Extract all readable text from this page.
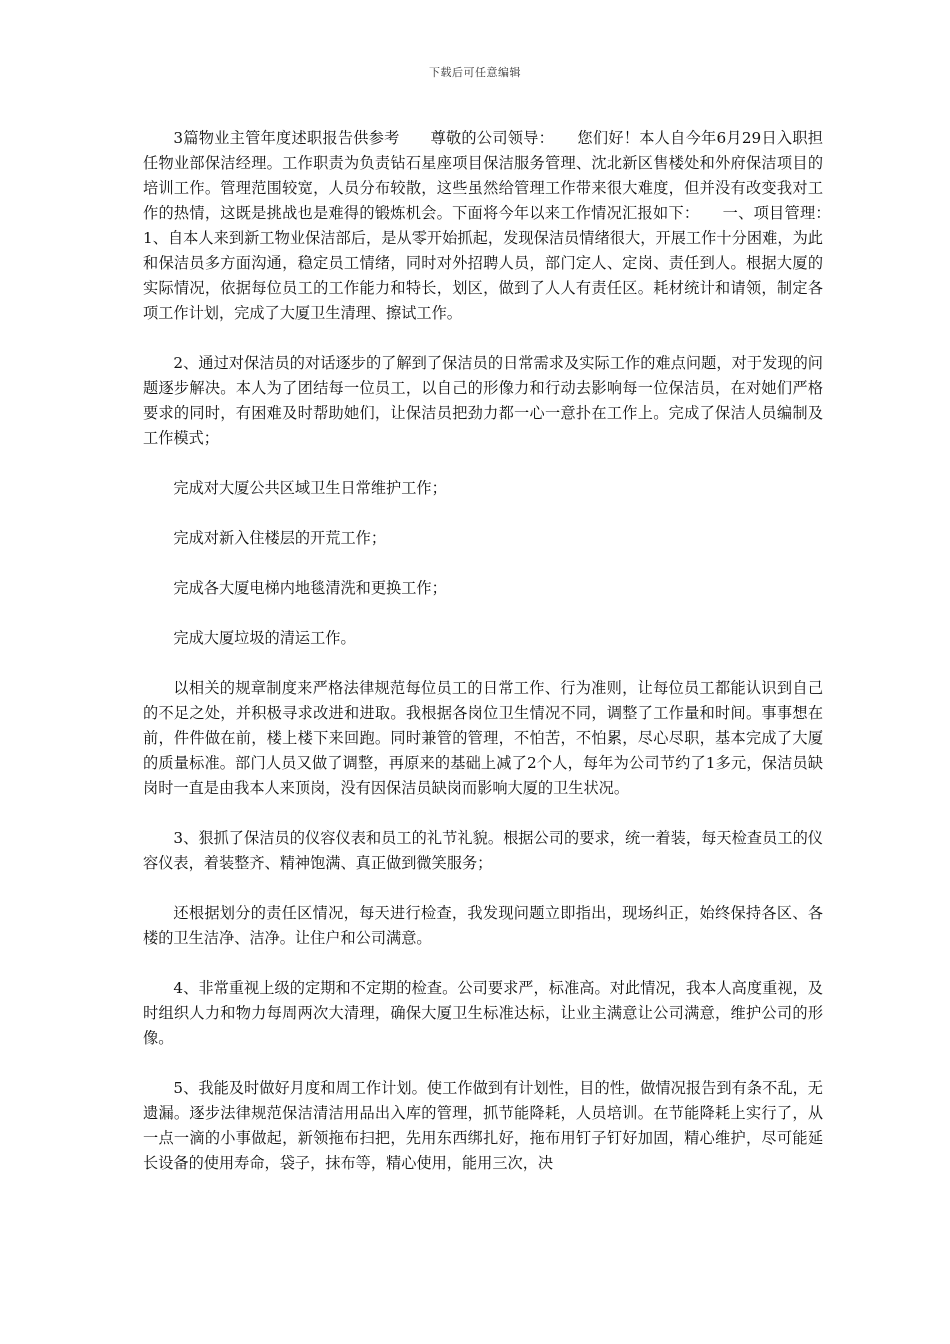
下载后可任意编辑

3篇物业主管年度述职报告供参考　　尊敬的公司领导：　　您们好！本人自今年6月29日入职担任物业部保洁经理。工作职责为负责钻石星座项目保洁服务管理、沈北新区售楼处和外府保洁项目的培训工作。管理范围较宽，人员分布较散，这些虽然给管理工作带来很大难度，但并没有改变我对工作的热情，这既是挑战也是难得的锻炼机会。下面将今年以来工作情况汇报如下：　　一、项目管理：　　1、自本人来到新工物业保洁部后，是从零开始抓起，发现保洁员情绪很大，开展工作十分困难，为此和保洁员多方面沟通，稳定员工情绪，同时对外招聘人员，部门定人、定岗、责任到人。根据大厦的实际情况，依据每位员工的工作能力和特长，划区，做到了人人有责任区。耗材统计和请领，制定各项工作计划，完成了大厦卫生清理、擦试工作。

2、通过对保洁员的对话逐步的了解到了保洁员的日常需求及实际工作的难点问题，对于发现的问题逐步解决。本人为了团结每一位员工，以自己的形像力和行动去影响每一位保洁员，在对她们严格要求的同时，有困难及时帮助她们，让保洁员把劲力都一心一意扑在工作上。完成了保洁人员编制及工作模式；

完成对大厦公共区域卫生日常维护工作；

完成对新入住楼层的开荒工作；

完成各大厦电梯内地毯清洗和更换工作；

完成大厦垃圾的清运工作。

以相关的规章制度来严格法律规范每位员工的日常工作、行为准则，让每位员工都能认识到自己的不足之处，并积极寻求改进和进取。我根据各岗位卫生情况不同，调整了工作量和时间。事事想在前，件件做在前，楼上楼下来回跑。同时兼管的管理，不怕苦，不怕累，尽心尽职，基本完成了大厦的质量标准。部门人员又做了调整，再原来的基础上减了2个人，每年为公司节约了1多元，保洁员缺岗时一直是由我本人来顶岗，没有因保洁员缺岗而影响大厦的卫生状况。

3、狠抓了保洁员的仪容仪表和员工的礼节礼貌。根据公司的要求，统一着装，每天检查员工的仪容仪表，着装整齐、精神饱满、真正做到微笑服务；

还根据划分的责任区情况，每天进行检查，我发现问题立即指出，现场纠正，始终保持各区、各楼的卫生洁净、洁净。让住户和公司满意。

4、非常重视上级的定期和不定期的检查。公司要求严，标准高。对此情况，我本人高度重视，及时组织人力和物力每周两次大清理，确保大厦卫生标准达标，让业主满意让公司满意，维护公司的形像。

5、我能及时做好月度和周工作计划。使工作做到有计划性，目的性，做情况报告到有条不乱，无遗漏。逐步法律规范保洁清洁用品出入库的管理，抓节能降耗，人员培训。在节能降耗上实行了，从一点一滴的小事做起，新领拖布扫把，先用东西绑扎好，拖布用钉子钉好加固，精心维护，尽可能延长设备的使用寿命，袋子，抹布等，精心使用，能用三次，决
